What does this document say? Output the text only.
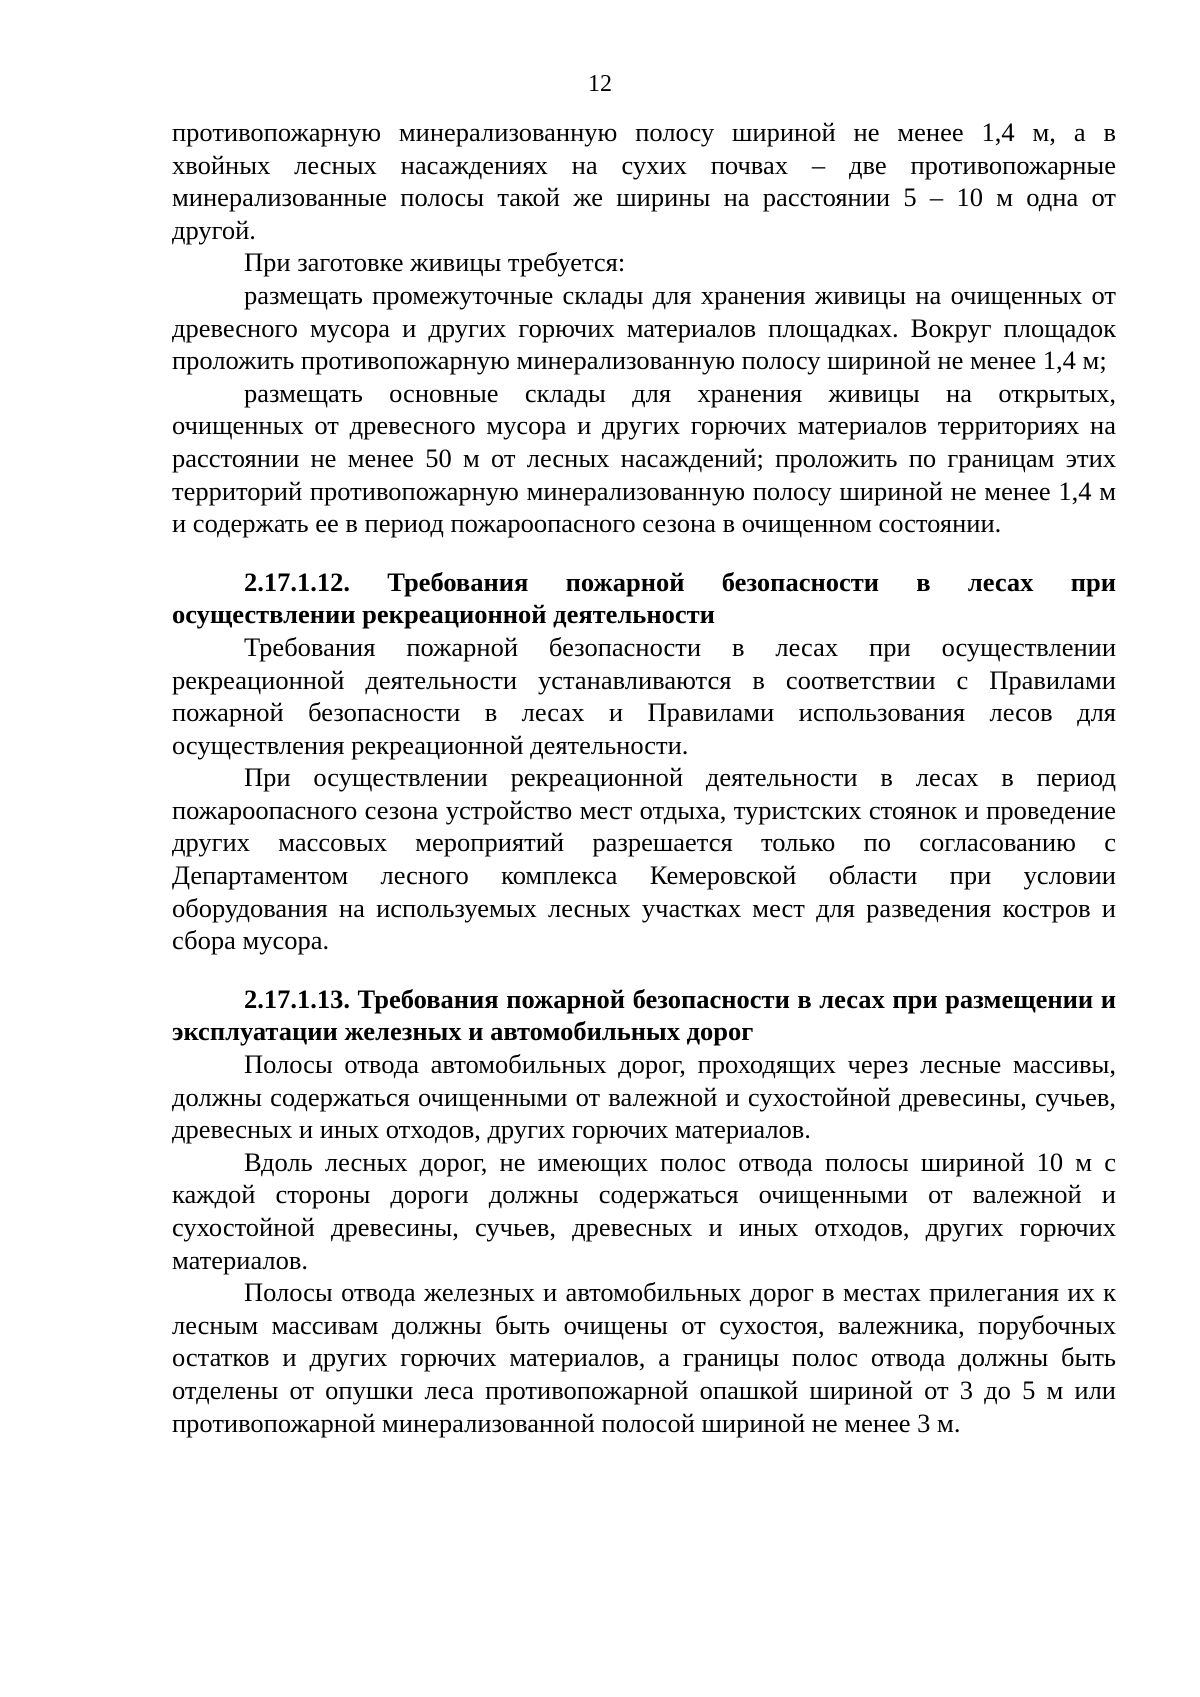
12

противопожарную минерализованную полосу шириной не менее 1,4 м, а в хвойных лесных насаждениях на сухих почвах – две противопожарные минерализованные полосы такой же ширины на расстоянии 5 – 10 м одна от другой.

При заготовке живицы требуется:

размещать промежуточные склады для хранения живицы на очищенных от древесного мусора и других горючих материалов площадках. Вокруг площадок проложить противопожарную минерализованную полосу шириной не менее 1,4 м;

размещать основные склады для хранения живицы на открытых, очищенных от древесного мусора и других горючих материалов территориях на расстоянии не менее 50 м от лесных насаждений; проложить по границам этих территорий противопожарную минерализованную полосу шириной не менее 1,4 м и содержать ее в период пожароопасного сезона в очищенном состоянии.

2.17.1.12. Требования пожарной безопасности в лесах при осуществлении рекреационной деятельности

Требования пожарной безопасности в лесах при осуществлении рекреационной деятельности устанавливаются в соответствии с Правилами пожарной безопасности в лесах и Правилами использования лесов для осуществления рекреационной деятельности.

При осуществлении рекреационной деятельности в лесах в период пожароопасного сезона устройство мест отдыха, туристских стоянок и проведение других массовых мероприятий разрешается только по согласованию с Департаментом лесного комплекса Кемеровской области при условии оборудования на используемых лесных участках мест для разведения костров и сбора мусора.

2.17.1.13. Требования пожарной безопасности в лесах при размещении и эксплуатации железных и автомобильных дорог

Полосы отвода автомобильных дорог, проходящих через лесные массивы, должны содержаться очищенными от валежной и сухостойной древесины, сучьев, древесных и иных отходов, других горючих материалов.

Вдоль лесных дорог, не имеющих полос отвода полосы шириной 10 м с каждой стороны дороги должны содержаться очищенными от валежной и сухостойной древесины, сучьев, древесных и иных отходов, других горючих материалов.

Полосы отвода железных и автомобильных дорог в местах прилегания их к лесным массивам должны быть очищены от сухостоя, валежника, порубочных остатков и других горючих материалов, а границы полос отвода должны быть отделены от опушки леса противопожарной опашкой шириной от 3 до 5 м или противопожарной минерализованной полосой шириной не менее 3 м.
